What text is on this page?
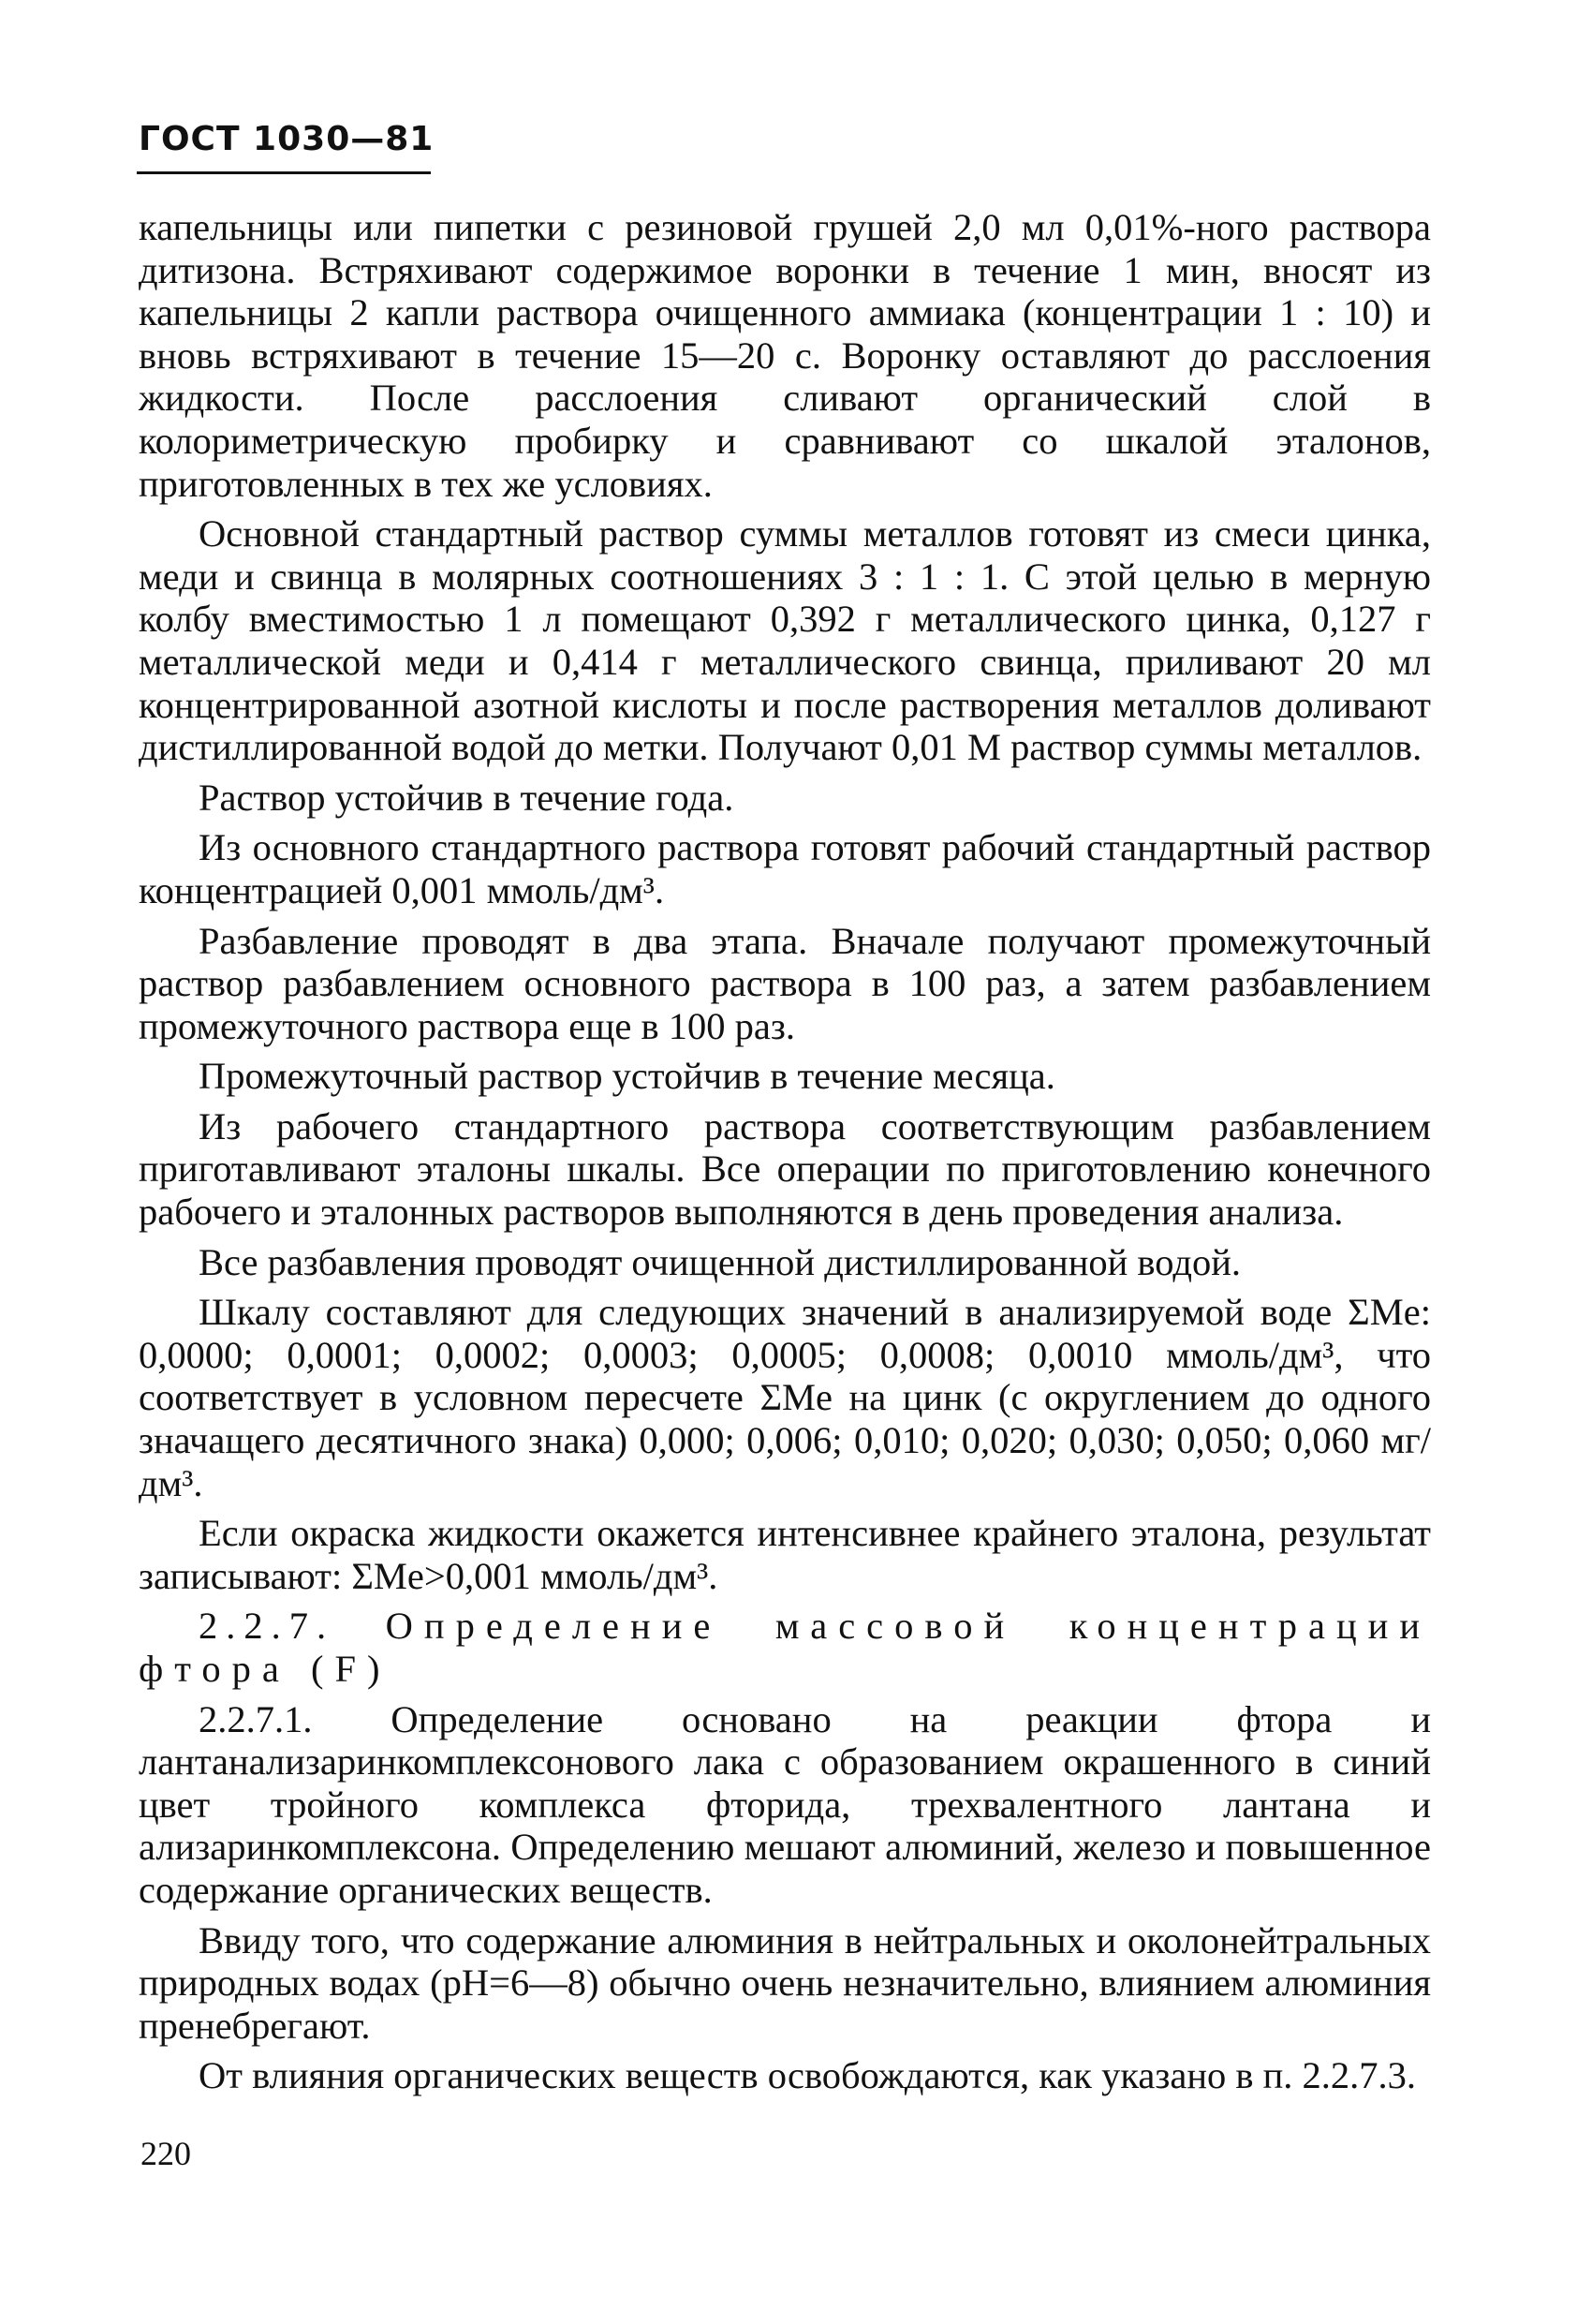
ГОСТ 1030—81

капельницы или пипетки с резиновой грушей 2,0 мл 0,01%-ного раствора дитизона. Встряхивают содержимое воронки в течение 1 мин, вносят из капельницы 2 капли раствора очищенного аммиака (концентрации 1 : 10) и вновь встряхивают в течение 15—20 с. Воронку оставляют до расслоения жидкости. После расслоения сливают органический слой в колориметрическую пробирку и сравнивают со шкалой эталонов, приготовленных в тех же условиях.

Основной стандартный раствор суммы металлов готовят из смеси цинка, меди и свинца в молярных соотношениях 3 : 1 : 1. С этой целью в мерную колбу вместимостью 1 л помещают 0,392 г металлического цинка, 0,127 г металлической меди и 0,414 г металлического свинца, приливают 20 мл концентрированной азотной кислоты и после растворения металлов доливают дистиллированной водой до метки. Получают 0,01 М раствор суммы металлов.

Раствор устойчив в течение года.

Из основного стандартного раствора готовят рабочий стандартный раствор концентрацией 0,001 ммоль/дм³.

Разбавление проводят в два этапа. Вначале получают промежуточный раствор разбавлением основного раствора в 100 раз, а затем разбавлением промежуточного раствора еще в 100 раз.

Промежуточный раствор устойчив в течение месяца.

Из рабочего стандартного раствора соответствующим разбавлением приготавливают эталоны шкалы. Все операции по приготовлению конечного рабочего и эталонных растворов выполняются в день проведения анализа.

Все разбавления проводят очищенной дистиллированной водой.

Шкалу составляют для следующих значений в анализируемой воде ΣMe: 0,0000; 0,0001; 0,0002; 0,0003; 0,0005; 0,0008; 0,0010 ммоль/дм³, что соответствует в условном пересчете ΣMe на цинк (с округлением до одного значащего десятичного знака) 0,000; 0,006; 0,010; 0,020; 0,030; 0,050; 0,060 мг/дм³.

Если окраска жидкости окажется интенсивнее крайнего эталона, результат записывают: ΣMe>0,001 ммоль/дм³.

2.2.7. Определение массовой концентрации фтора (F)

2.2.7.1. Определение основано на реакции фтора и лантанализаринкомплексонового лака с образованием окрашенного в синий цвет тройного комплекса фторида, трехвалентного лантана и ализаринкомплексона. Определению мешают алюминий, железо и повышенное содержание органических веществ.

Ввиду того, что содержание алюминия в нейтральных и околонейтральных природных водах (pH=6—8) обычно очень незначительно, влиянием алюминия пренебрегают.

От влияния органических веществ освобождаются, как указано в п. 2.2.7.3.

220
